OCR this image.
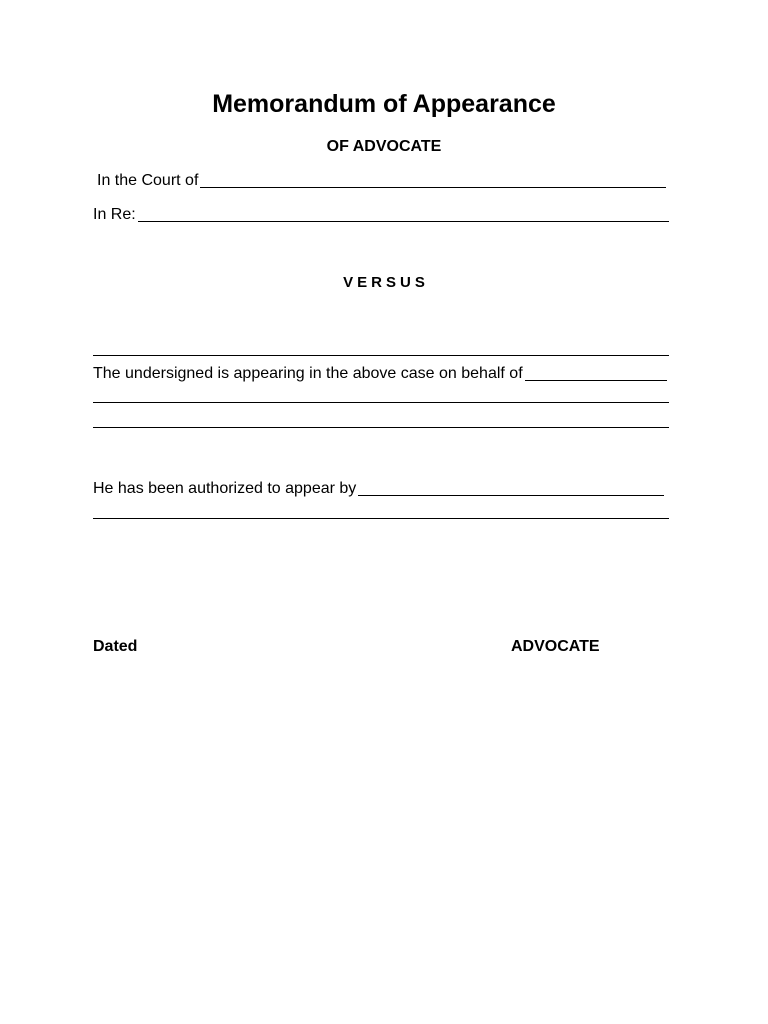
Memorandum of Appearance
OF ADVOCATE
In the Court of
In Re:
VERSUS
The undersigned is appearing in the above case on behalf of
He has been authorized to appear by
Dated	ADVOCATE
